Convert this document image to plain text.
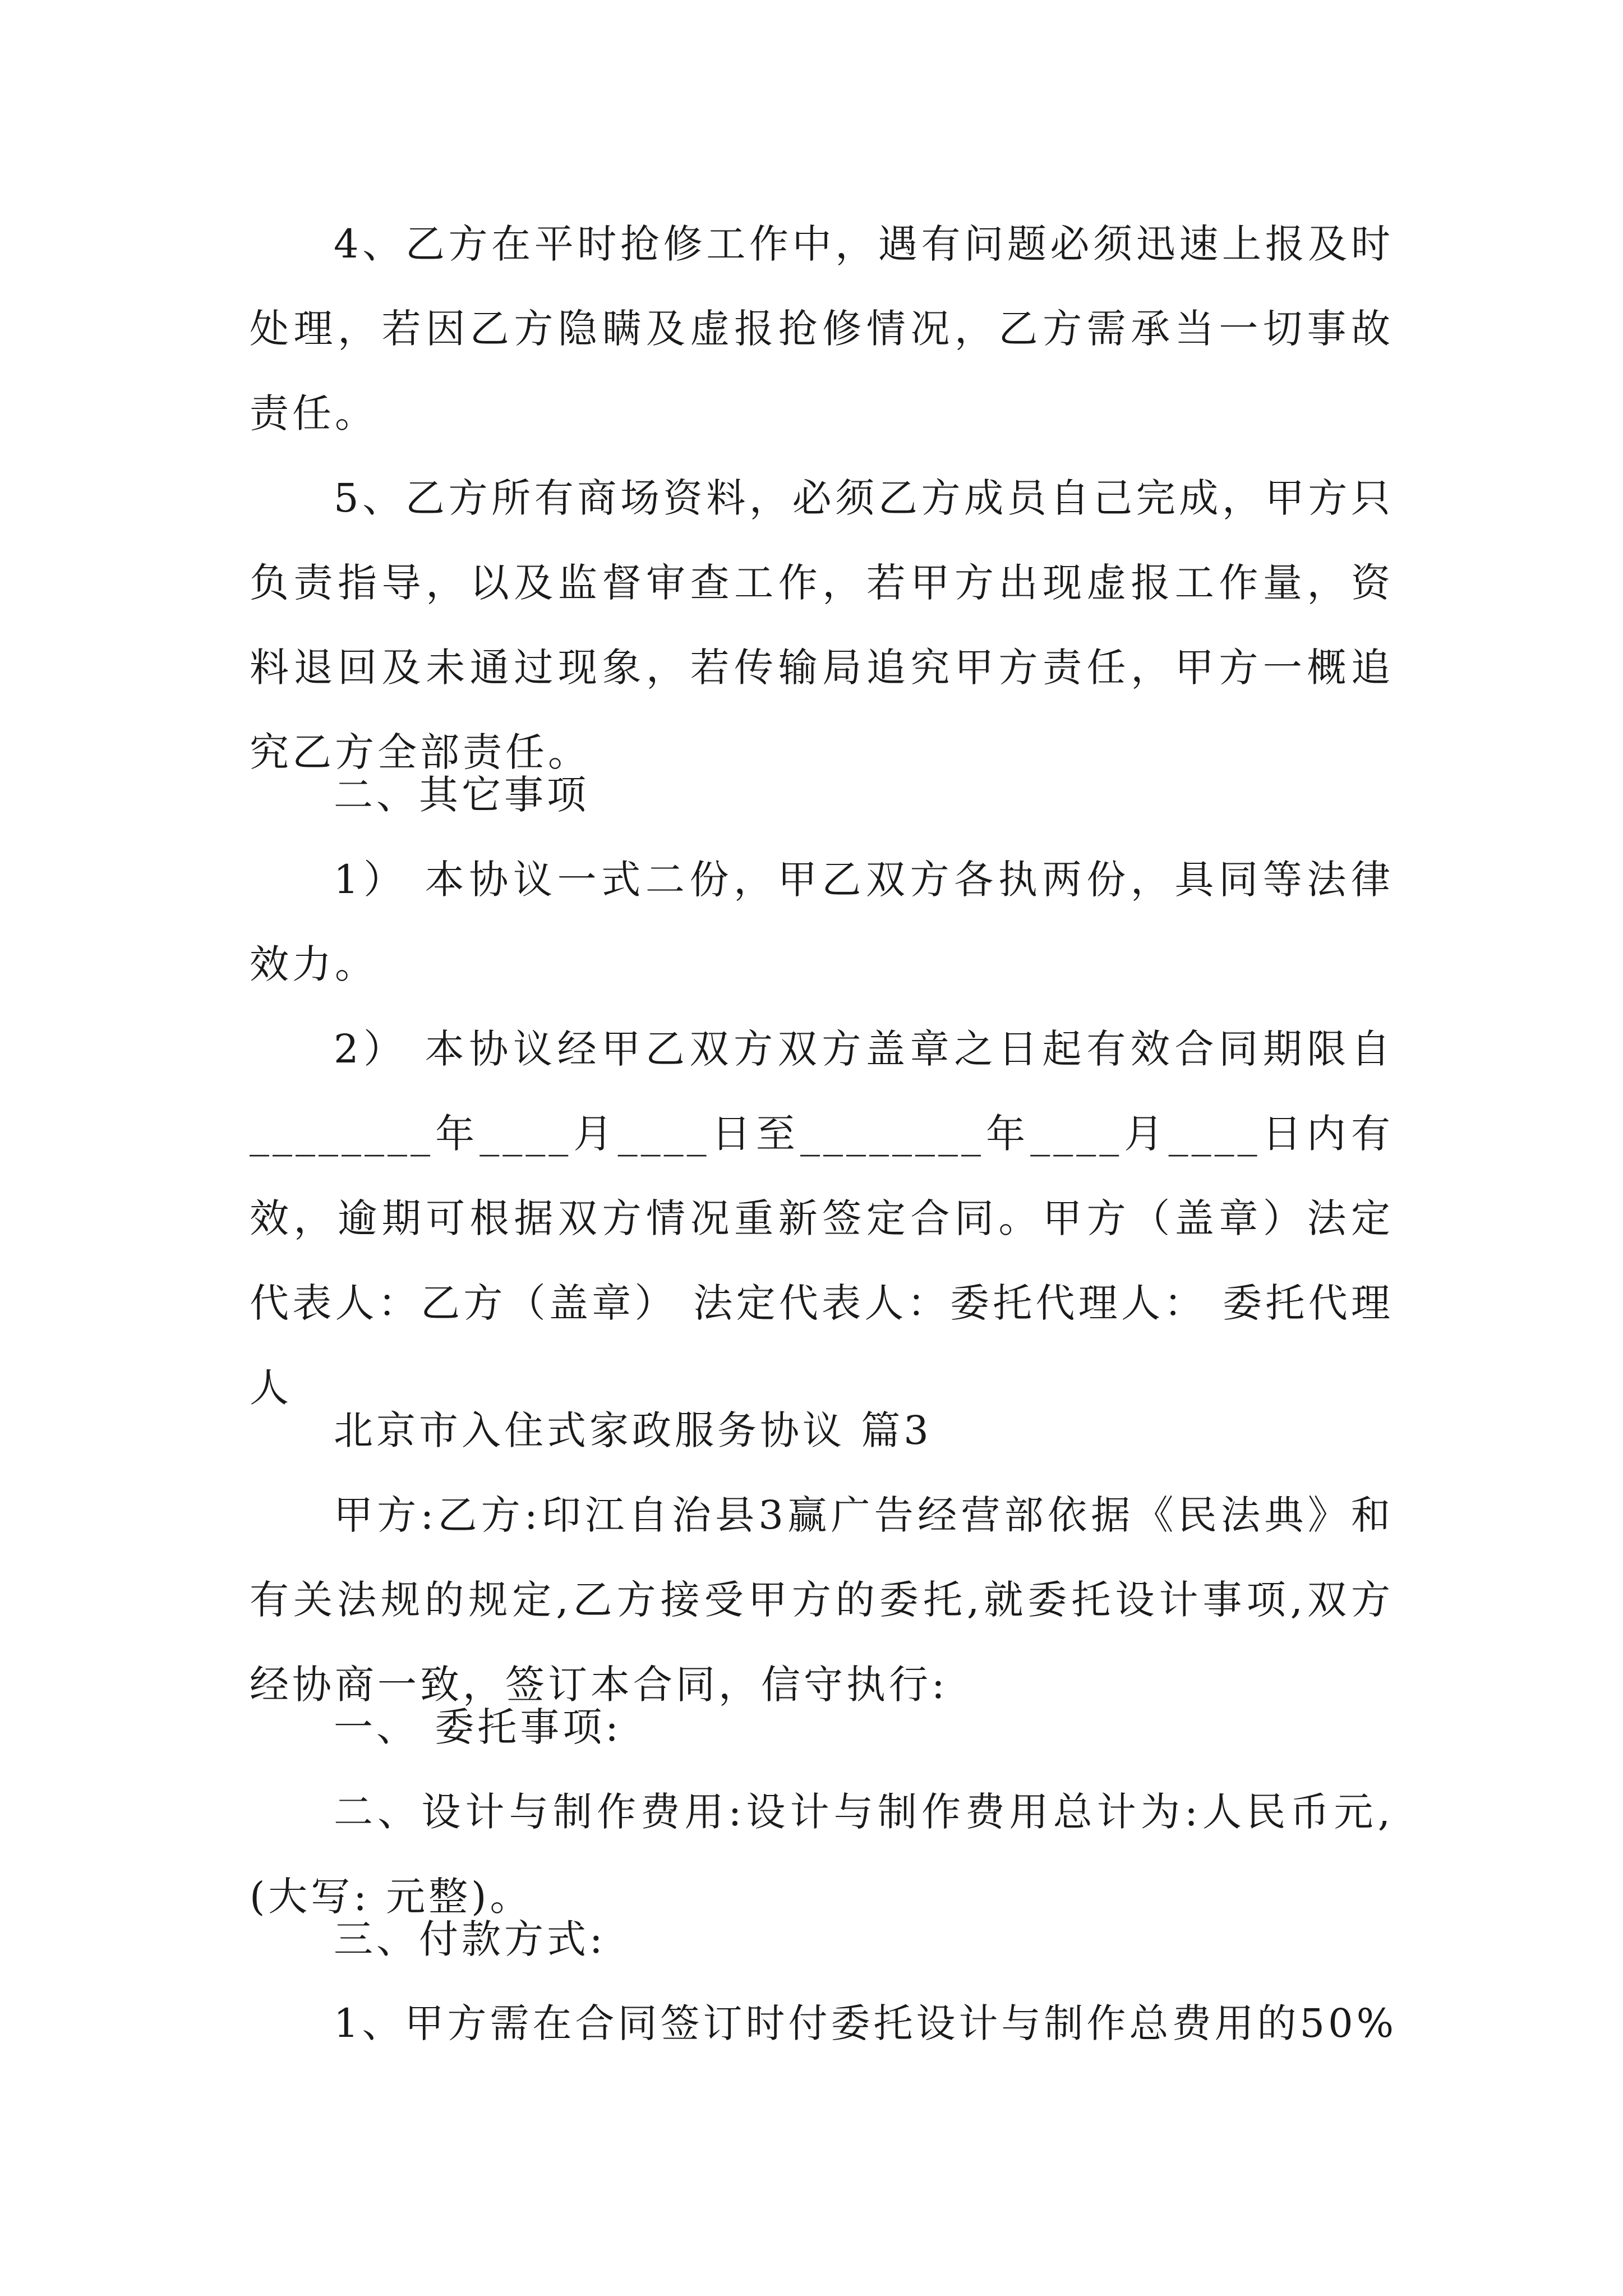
4、乙方在平时抢修工作中，遇有问题必须迅速上报及时处理，若因乙方隐瞒及虚报抢修情况，乙方需承当一切事故责任。

5、乙方所有商场资料，必须乙方成员自己完成，甲方只负责指导，以及监督审查工作，若甲方出现虚报工作量，资料退回及未通过现象，若传输局追究甲方责任，甲方一概追究乙方全部责任。

二、其它事项

1） 本协议一式二份，甲乙双方各执两份，具同等法律效力。

2） 本协议经甲乙双方双方盖章之日起有效合同期限自________年____月____日至________年____月____日内有效，逾期可根据双方情况重新签定合同。甲方（盖章）法定代表人：乙方（盖章） 法定代表人：委托代理人： 委托代理人

北京市入住式家政服务协议 篇3

甲方:乙方:印江自治县3赢广告经营部依据《民法典》和有关法规的规定,乙方接受甲方的委托,就委托设计事项,双方经协商一致，签订本合同，信守执行:

一、 委托事项:

二、设计与制作费用:设计与制作费用总计为:人民币元,(大写: 元整)。

三、付款方式:

1、甲方需在合同签订时付委托设计与制作总费用的50%
